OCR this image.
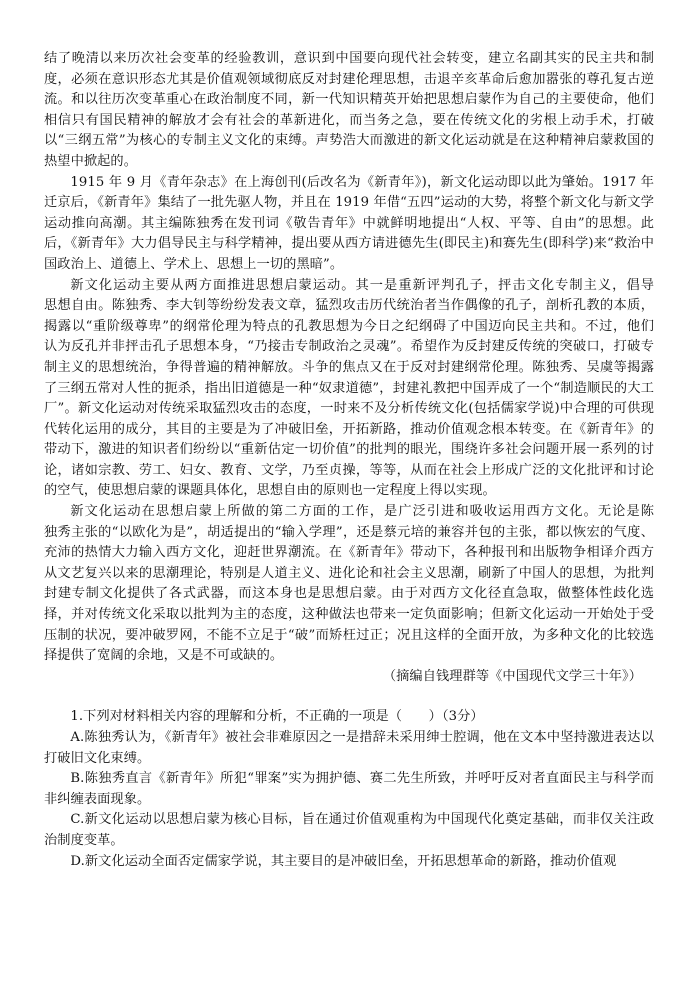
结了晚清以来历次社会变革的经验教训，意识到中国要向现代社会转变，建立名副其实的民主共和制度，必须在意识形态尤其是价值观领域彻底反对封建伦理思想，击退辛亥革命后愈加嚣张的尊孔复古逆流。和以往历次变革重心在政治制度不同，新一代知识精英开始把思想启蒙作为自己的主要使命，他们相信只有国民精神的解放才会有社会的革新进化，而当务之急，要在传统文化的劣根上动手术，打破以“三纲五常”为核心的专制主义文化的束缚。声势浩大而激进的新文化运动就是在这种精神启蒙救国的热望中掀起的。

1915 年 9 月《青年杂志》在上海创刊(后改名为《新青年》)，新文化运动即以此为肇始。1917 年迁京后，《新青年》集结了一批先驱人物，并且在 1919 年借“五四”运动的大势，将整个新文化与新文学运动推向高潮。其主编陈独秀在发刊词《敬告青年》中就鲜明地提出“人权、平等、自由”的思想。此后，《新青年》大力倡导民主与科学精神，提出要从西方请进德先生(即民主)和赛先生(即科学)来“救治中国政治上、道德上、学术上、思想上一切的黑暗”。

新文化运动主要从两方面推进思想启蒙运动。其一是重新评判孔子，抨击文化专制主义，倡导　　思想自由。陈独秀、李大钊等纷纷发表文章，猛烈攻击历代统治者当作偶像的孔子，剖析孔教的本质，揭露以“重阶级尊卑”的纲常伦理为特点的孔教思想为今日之纪纲碍了中国迈向民主共和。不过，他们　　认为反孔并非抨击孔子思想本身，“乃接击专制政治之灵魂”。希望作为反封建反传统的突破口，打破专制主义的思想统治，争得普遍的精神解放。斗争的焦点又在于反对封建纲常伦理。陈独秀、吴虞等揭露了三纲五常对人性的扼杀，指出旧道德是一种“奴隶道德”，封建礼教把中国弄成了一个“制造顺民的大工厂”。新文化运动对传统采取猛烈攻击的态度，一时来不及分析传统文化(包括儒家学说)中合理的可供现代转化运用的成分，其目的主要是为了冲破旧垒，开拓新路，推动价值观念根本转变。在《新青年》的带动下，激进的知识者们纷纷以“重新估定一切价值”的批判的眼光，围绕许多社会问题开展一系列的讨论，诸如宗教、劳工、妇女、教育、文学，乃至贞操，等等，从而在社会上形成广泛的文化批评和讨论的空气，使思想启蒙的课题具体化，思想自由的原则也一定程度上得以实现。

新文化运动在思想启蒙上所做的第二方面的工作，是广泛引进和吸收运用西方文化。无论是陈　　独秀主张的“以欧化为是”，胡适提出的“输入学理”，还是蔡元培的兼容并包的主张，都以恢宏的气度、充沛的热情大力输入西方文化，迎赶世界潮流。在《新青年》带动下，各种报刊和出版物争相译介西方从文艺复兴以来的思潮理论，特别是人道主义、进化论和社会主义思潮，刷新了中国人的思想，为批判封建专制文化提供了各式武器，而这本身也是思想启蒙。由于对西方文化径直急取，做整体性歧化选择，并对传统文化采取以批判为主的态度，这种做法也带来一定负面影响；但新文化运动一开始处于受压制的状况，要冲破罗网，不能不立足于“破”而矫枉过正；况且这样的全面开放，为多种文化的比较选择提供了宽阔的余地，又是不可或缺的。

（摘编自钱理群等《中国现代文学三十年》）

1.下列对材料相关内容的理解和分析，不正确的一项是（　　）（3分）

A.陈独秀认为，《新青年》被社会非难原因之一是措辞未采用绅士腔调，他在文本中坚持激进表达以打破旧文化束缚。

B.陈独秀直言《新青年》所犯“罪案”实为拥护德、赛二先生所致，并呼吁反对者直面民主与科学而非纠缠表面现象。

C.新文化运动以思想启蒙为核心目标，旨在通过价值观重构为中国现代化奠定基础，而非仅关注政治制度变革。

D.新文化运动全面否定儒家学说，其主要目的是冲破旧垒，开拓思想革命的新路，推动价值观
